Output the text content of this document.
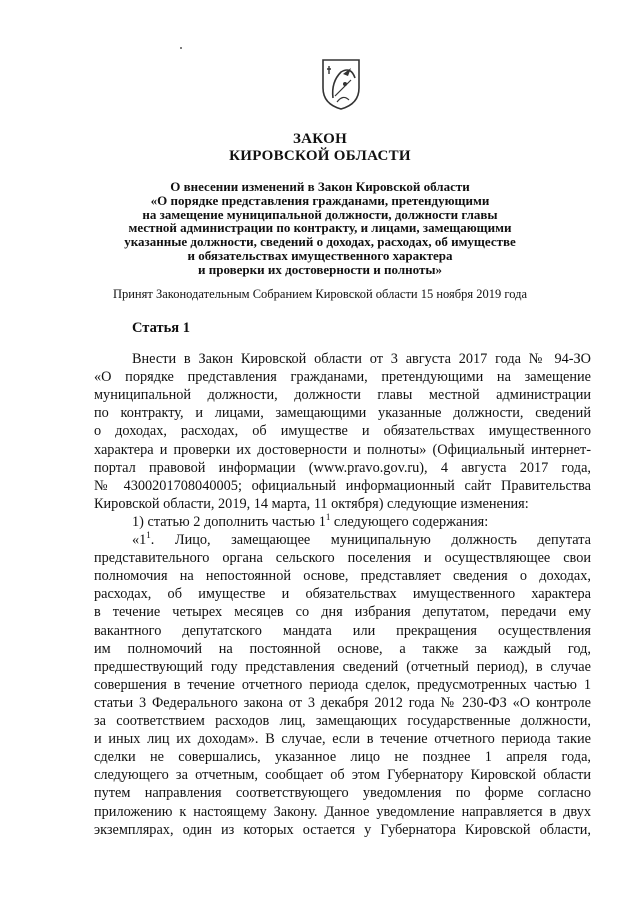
ЗАКОН
КИРОВСКОЙ ОБЛАСТИ
О внесении изменений в Закон Кировской области
«О порядке представления гражданами, претендующими
на замещение муниципальной должности, должности главы
местной администрации по контракту, и лицами, замещающими
указанные должности, сведений о доходах, расходах, об имуществе
и обязательствах имущественного характера
и проверки их достоверности и полноты»
Принят Законодательным Собранием Кировской области 15 ноября 2019 года
Статья 1
Внести в Закон Кировской области от 3 августа 2017 года № 94-ЗО
«О порядке представления гражданами, претендующими на замещение
муниципальной должности, должности главы местной администрации
по контракту, и лицами, замещающими указанные должности, сведений
о доходах, расходах, об имуществе и обязательствах имущественного
характера и проверки их достоверности и полноты» (Официальный интернет-
портал правовой информации (www.pravo.gov.ru), 4 августа 2017 года,
№ 4300201708040005; официальный информационный сайт Правительства
Кировской области, 2019, 14 марта, 11 октября) следующие изменения:
1) статью 2 дополнить частью $1^1$ следующего содержания:
«$1^1$. Лицо, замещающее муниципальную должность депутата
представительного органа сельского поселения и осуществляющее свои
полномочия на непостоянной основе, представляет сведения о доходах,
расходах, об имуществе и обязательствах имущественного характера
в течение четырех месяцев со дня избрания депутатом, передачи ему
вакантного депутатского мандата или прекращения осуществления
им полномочий на постоянной основе, а также за каждый год,
предшествующий году представления сведений (отчетный период), в случае
совершения в течение отчетного периода сделок, предусмотренных частью 1
статьи 3 Федерального закона от 3 декабря 2012 года № 230-ФЗ «О контроле
за соответствием расходов лиц, замещающих государственные должности,
и иных лиц их доходам». В случае, если в течение отчетного периода такие
сделки не совершались, указанное лицо не позднее 1 апреля года,
следующего за отчетным, сообщает об этом Губернатору Кировской области
путем направления соответствующего уведомления по форме согласно
приложению к настоящему Закону. Данное уведомление направляется в двух
экземплярах, один из которых остается у Губернатора Кировской области,
